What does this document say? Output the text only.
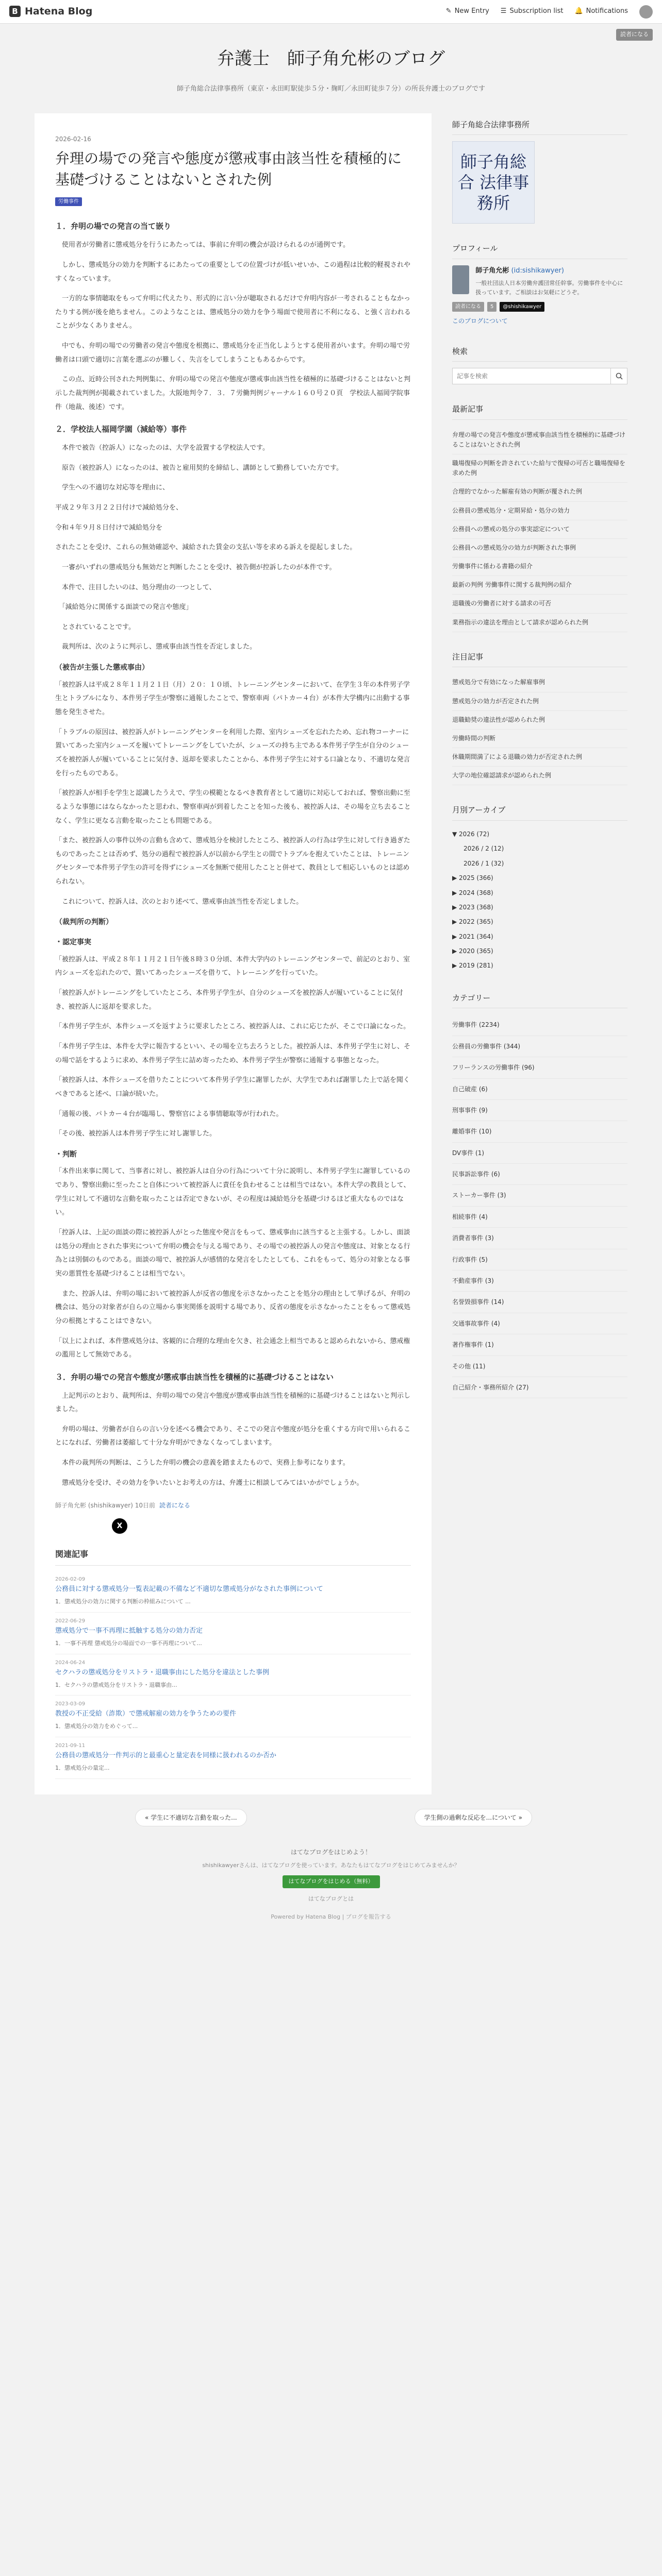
B Hatena Blog	✎ New Entry ☰ Subscription list 🔔 Notifications
読者になる
弁護士　師子角允彬のブログ

師子角総合法律事務所（東京・永田町駅徒歩５分・麹町／永田町徒歩７分）の所長弁護士のブログです

2026-02-16
弁理の場での発言や態度が懲戒事由該当性を積極的に基礎づけることはないとされた例
労働事件
１．弁明の場での発言の当て嵌り

　使用者が労働者に懲戒処分を行うにあたっては、事前に弁明の機会が設けられるのが通例です。

　しかし、懲戒処分の効力を判断するにあたっての重要としての位置づけが低いせいか、この過程は比較的軽視されやすくなっています。

　一方的な事情聴取をもって弁明に代えたり、形式的に言い分が聴取されるだけで弁明内容が一考されることもなかったりする例が後を絶ちません。このようなことは、懲戒処分の効力を争う場面で使用者に不利になる、と強く言われることが少なくありません。

　中でも、弁明の場での労働者の発言や態度を根拠に、懲戒処分を正当化しようとする使用者がいます。弁明の場で労働者は口頭で適切に言葉を選ぶのが難しく、失言をしてしまうこともあるからです。

　この点、近時公刊された判例集に、弁明の場での発言や態度が懲戒事由該当性を積極的に基礎づけることはないと判示した裁判例が掲載されていました。大阪地判令７．３．７労働判例ジャーナル１６０号２０頁　学校法人福岡学院事件（地裁、後述）です。

２．学校法人福岡学園（減給等）事件

　本件で被告（控訴人）になったのは、大学を設置する学校法人です。

　原告（被控訴人）になったのは、被告と雇用契約を締結し、講師として勤務していた方です。

　学生への不適切な対応等を理由に、

平成２９年３月２２日付けで減給処分を、

令和４年９月８日付けで減給処分を

されたことを受け、これらの無効確認や、減給された賃金の支払い等を求める訴えを提起しました。

　一審がいずれの懲戒処分も無効だと判断したことを受け、被告側が控訴したのが本件です。

　本件で、注目したいのは、処分理由の一つとして、

　「減給処分に関係する面談での発言や態度」

　とされていることです。

　裁判所は、次のように判示し、懲戒事由該当性を否定しました。

（被告が主張した懲戒事由）

「被控訴人は平成２８年１１月２１日（月）２０：１０頃、トレーニングセンターにおいて、在学生３年の本件男子学生とトラブルになり、本件男子学生が警察に通報したことで、警察車両（パトカー４台）が本件大学構内に出動する事態を発生させた。

「トラブルの原因は、被控訴人がトレーニングセンターを利用した際、室内シューズを忘れたため、忘れ物コーナーに置いてあった室内シューズを履いてトレーニングをしていたが、シューズの持ち主である本件男子学生が自分のシューズを被控訴人が履いていることに気付き、返却を要求したことから、本件男子学生に対する口論となり、不適切な発言を行ったものである。

「被控訴人が相手を学生と認識したうえで、学生の模範となるべき教育者として適切に対応しておれば、警察出動に至るような事態にはならなかったと思われ、警察車両が到着したことを知った後も、被控訴人は、その場を立ち去ることなく、学生に更なる言動を取ったことも問題である。

「また、被控訴人の事件以外の言動も含めて、懲戒処分を検討したところ、被控訴人の行為は学生に対して行き過ぎたものであったことは否めず、処分の過程で被控訴人が以前から学生との間でトラブルを抱えていたことは、トレーニングセンターで本件男子学生の許可を得ずにシューズを無断で使用したことと併せて、教員として相応しいものとは認められない。

　これについて、控訴人は、次のとおり述べて、懲戒事由該当性を否定しました。

（裁判所の判断）
・認定事実

「被控訴人は、平成２８年１１月２１日午後８時３０分頃、本件大学内のトレーニングセンターで、前記のとおり、室内シューズを忘れたので、置いてあったシューズを借りて、トレーニングを行っていた。

「被控訴人がトレーニングをしていたところ、本件男子学生が、自分のシューズを被控訴人が履いていることに気付き、被控訴人に返却を要求した。

「本件男子学生が、本件シューズを返すように要求したところ、被控訴人は、これに応じたが、そこで口論になった。

「本件男子学生は、本件を大学に報告するといい、その場を立ち去ろうとした。被控訴人は、本件男子学生に対し、その場で話をするように求め、本件男子学生に詰め寄ったため、本件男子学生が警察に通報する事態となった。

「被控訴人は、本件シューズを借りたことについて本件男子学生に謝罪したが、大学生であれば謝罪した上で話を聞くべきであると述べ、口論が続いた。

「通報の後、パトカー４台が臨場し、警察官による事情聴取等が行われた。

「その後、被控訴人は本件男子学生に対し謝罪した。

・判断

「本件出来事に関して、当事者に対し、被控訴人は自分の行為について十分に説明し、本件男子学生に謝罪しているのであり、警察出動に至ったこと自体について被控訴人に責任を負わせることは相当ではない。本件大学の教員として、学生に対して不適切な言動を取ったことは否定できないが、その程度は減給処分を基礎づけるほど重大なものではない。

「控訴人は、上記の面談の際に被控訴人がとった態度や発言をもって、懲戒事由に該当すると主張する。しかし、面談は処分の理由とされた事実について弁明の機会を与える場であり、その場での被控訴人の発言や態度は、対象となる行為とは別個のものである。面談の場で、被控訴人が感情的な発言をしたとしても、これをもって、処分の対象となる事実の悪質性を基礎づけることは相当でない。

　また、控訴人は、弁明の場において被控訴人が反省の態度を示さなかったことを処分の理由として挙げるが、弁明の機会は、処分の対象者が自らの立場から事実関係を説明する場であり、反省の態度を示さなかったことをもって懲戒処分の根拠とすることはできない。

「以上によれば、本件懲戒処分は、客観的に合理的な理由を欠き、社会通念上相当であると認められないから、懲戒権の濫用として無効である。

３．弁明の場での発言や態度が懲戒事由該当性を積極的に基礎づけることはない

　上記判示のとおり、裁判所は、弁明の場での発言や態度が懲戒事由該当性を積極的に基礎づけることはないと判示しました。

　弁明の場は、労働者が自らの言い分を述べる機会であり、そこでの発言や態度が処分を重くする方向で用いられることになれば、労働者は萎縮して十分な弁明ができなくなってしまいます。

　本件の裁判所の判断は、こうした弁明の機会の意義を踏まえたもので、実務上参考になります。

　懲戒処分を受け、その効力を争いたいとお考えの方は、弁護士に相談してみてはいかがでしょうか。

師子角允彬 (shishikawyer) 10日前 読者になる
X
関連記事
2026-02-09
公務員に対する懲戒処分一覧表記載の不備など不適切な懲戒処分がなされた事例について
1．懲戒処分の効力に関する判断の枠組みについて ...
2022-06-29
懲戒処分で一事不再理に抵触する処分の効力否定
1．一事不再理 懲戒処分の場面での一事不再理について...
2024-06-24
セクハラの懲戒処分をリストラ・退職事由にした処分を違法とした事例
1．セクハラの懲戒処分をリストラ・退職事由...
2023-03-09
教授の不正受給（詐欺）で懲戒解雇の効力を争うための要件
1．懲戒処分の効力をめぐって...
2021-09-11
公務員の懲戒処分一件判示的と最重心と量定表を同様に扱われるのか否か
1．懲戒処分の量定...
師子角総合法律事務所
師子角総合 法律事務所
プロフィール
師子角允彬 (id:sishikawyer)
一般社団法人日本労働弁護団常任幹事。労働事件を中心に扱っています。ご相談はお気軽にどうぞ。
読者になる	5	@shishikawyer
このブログについて
検索
記事を検索
最新記事
弁理の場での発言や態度が懲戒事由該当性を積極的に基礎づけることはないとされた例
職場復帰の判断を許されていた給与で復帰の可否と職場復帰を求めた例
合理的でなかった解雇有効の判断が覆された例
公務員の懲戒処分・定期昇給・処分の効力
公務員への懲戒の処分の事実認定について
公務員への懲戒処分の効力が判断された事例
労働事件に係わる書籍の紹介
最新の判例 労働事件に関する裁判例の紹介
退職後の労働者に対する請求の可否
業務指示の違法を理由として請求が認められた例
注目記事
懲戒処分で有効になった解雇事例
懲戒処分の効力が否定された例
退職勧奨の違法性が認められた例
労働時間の判断
休職期間満了による退職の効力が否定された例
大学の地位確認請求が認められた例
月別アーカイブ
▼ 2026 (72)
2026 / 2 (12)
2026 / 1 (32)
▶ 2025 (366)
▶ 2024 (368)
▶ 2023 (368)
▶ 2022 (365)
▶ 2021 (364)
▶ 2020 (365)
▶ 2019 (281)
カテゴリー
労働事件 (2234)
公務員の労働事件 (344)
フリーランスの労働事件 (96)
自己破産 (6)
刑事事件 (9)
離婚事件 (10)
DV事件 (1)
民事訴訟事件 (6)
ストーカー事件 (3)
相続事件 (4)
消費者事件 (3)
行政事件 (5)
不動産事件 (3)
名誉毀損事件 (14)
交通事故事件 (4)
著作権事件 (1)
その他 (11)
自己紹介・事務所紹介 (27)
« 学生に不適切な言動を取った...	学生側の過剰な反応を...について »
はてなブログをはじめよう！
shishikawyerさんは、はてなブログを使っています。あなたもはてなブログをはじめてみませんか？
はてなブログをはじめる（無料）
はてなブログとは
Powered by Hatena Blog | ブログを報告する
